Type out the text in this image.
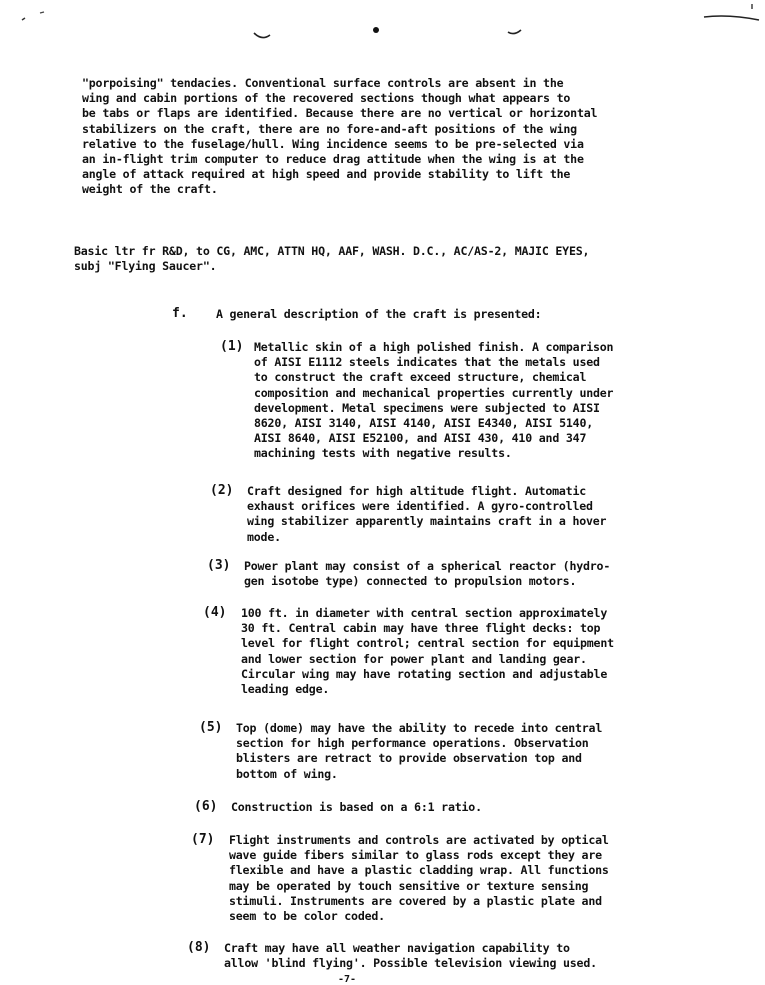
"porpoising" tendacies. Conventional surface controls are absent in the
wing and cabin portions of the recovered sections though what appears to
be tabs or flaps are identified. Because there are no vertical or horizontal
stabilizers on the craft, there are no fore-and-aft positions of the wing
relative to the fuselage/hull. Wing incidence seems to be pre-selected via
an in-flight trim computer to reduce drag attitude when the wing is at the
angle of attack required at high speed and provide stability to lift the
weight of the craft.

Basic ltr fr R&D, to CG, AMC, ATTN HQ, AAF, WASH. D.C., AC/AS-2, MAJIC EYES,
subj "Flying Saucer".

f. A general description of the craft is presented:

(1) Metallic skin of a high polished finish. A comparison
of AISI E1112 steels indicates that the metals used
to construct the craft exceed structure, chemical
composition and mechanical properties currently under
development. Metal specimens were subjected to AISI
8620, AISI 3140, AISI 4140, AISI E4340, AISI 5140,
AISI 8640, AISI E52100, and AISI 430, 410 and 347
machining tests with negative results.

(2) Craft designed for high altitude flight. Automatic
exhaust orifices were identified. A gyro-controlled
wing stabilizer apparently maintains craft in a hover
mode.

(3) Power plant may consist of a spherical reactor (hydro-
gen isotobe type) connected to propulsion motors.

(4) 100 ft. in diameter with central section approximately
30 ft. Central cabin may have three flight decks: top
level for flight control; central section for equipment
and lower section for power plant and landing gear.
Circular wing may have rotating section and adjustable
leading edge.

(5) Top (dome) may have the ability to recede into central
section for high performance operations. Observation
blisters are retract to provide observation top and
bottom of wing.

(6) Construction is based on a 6:1 ratio.

(7) Flight instruments and controls are activated by optical
wave guide fibers similar to glass rods except they are
flexible and have a plastic cladding wrap. All functions
may be operated by touch sensitive or texture sensing
stimuli. Instruments are covered by a plastic plate and
seem to be color coded.

(8) Craft may have all weather navigation capability to
allow 'blind flying'. Possible television viewing used.

-7-
